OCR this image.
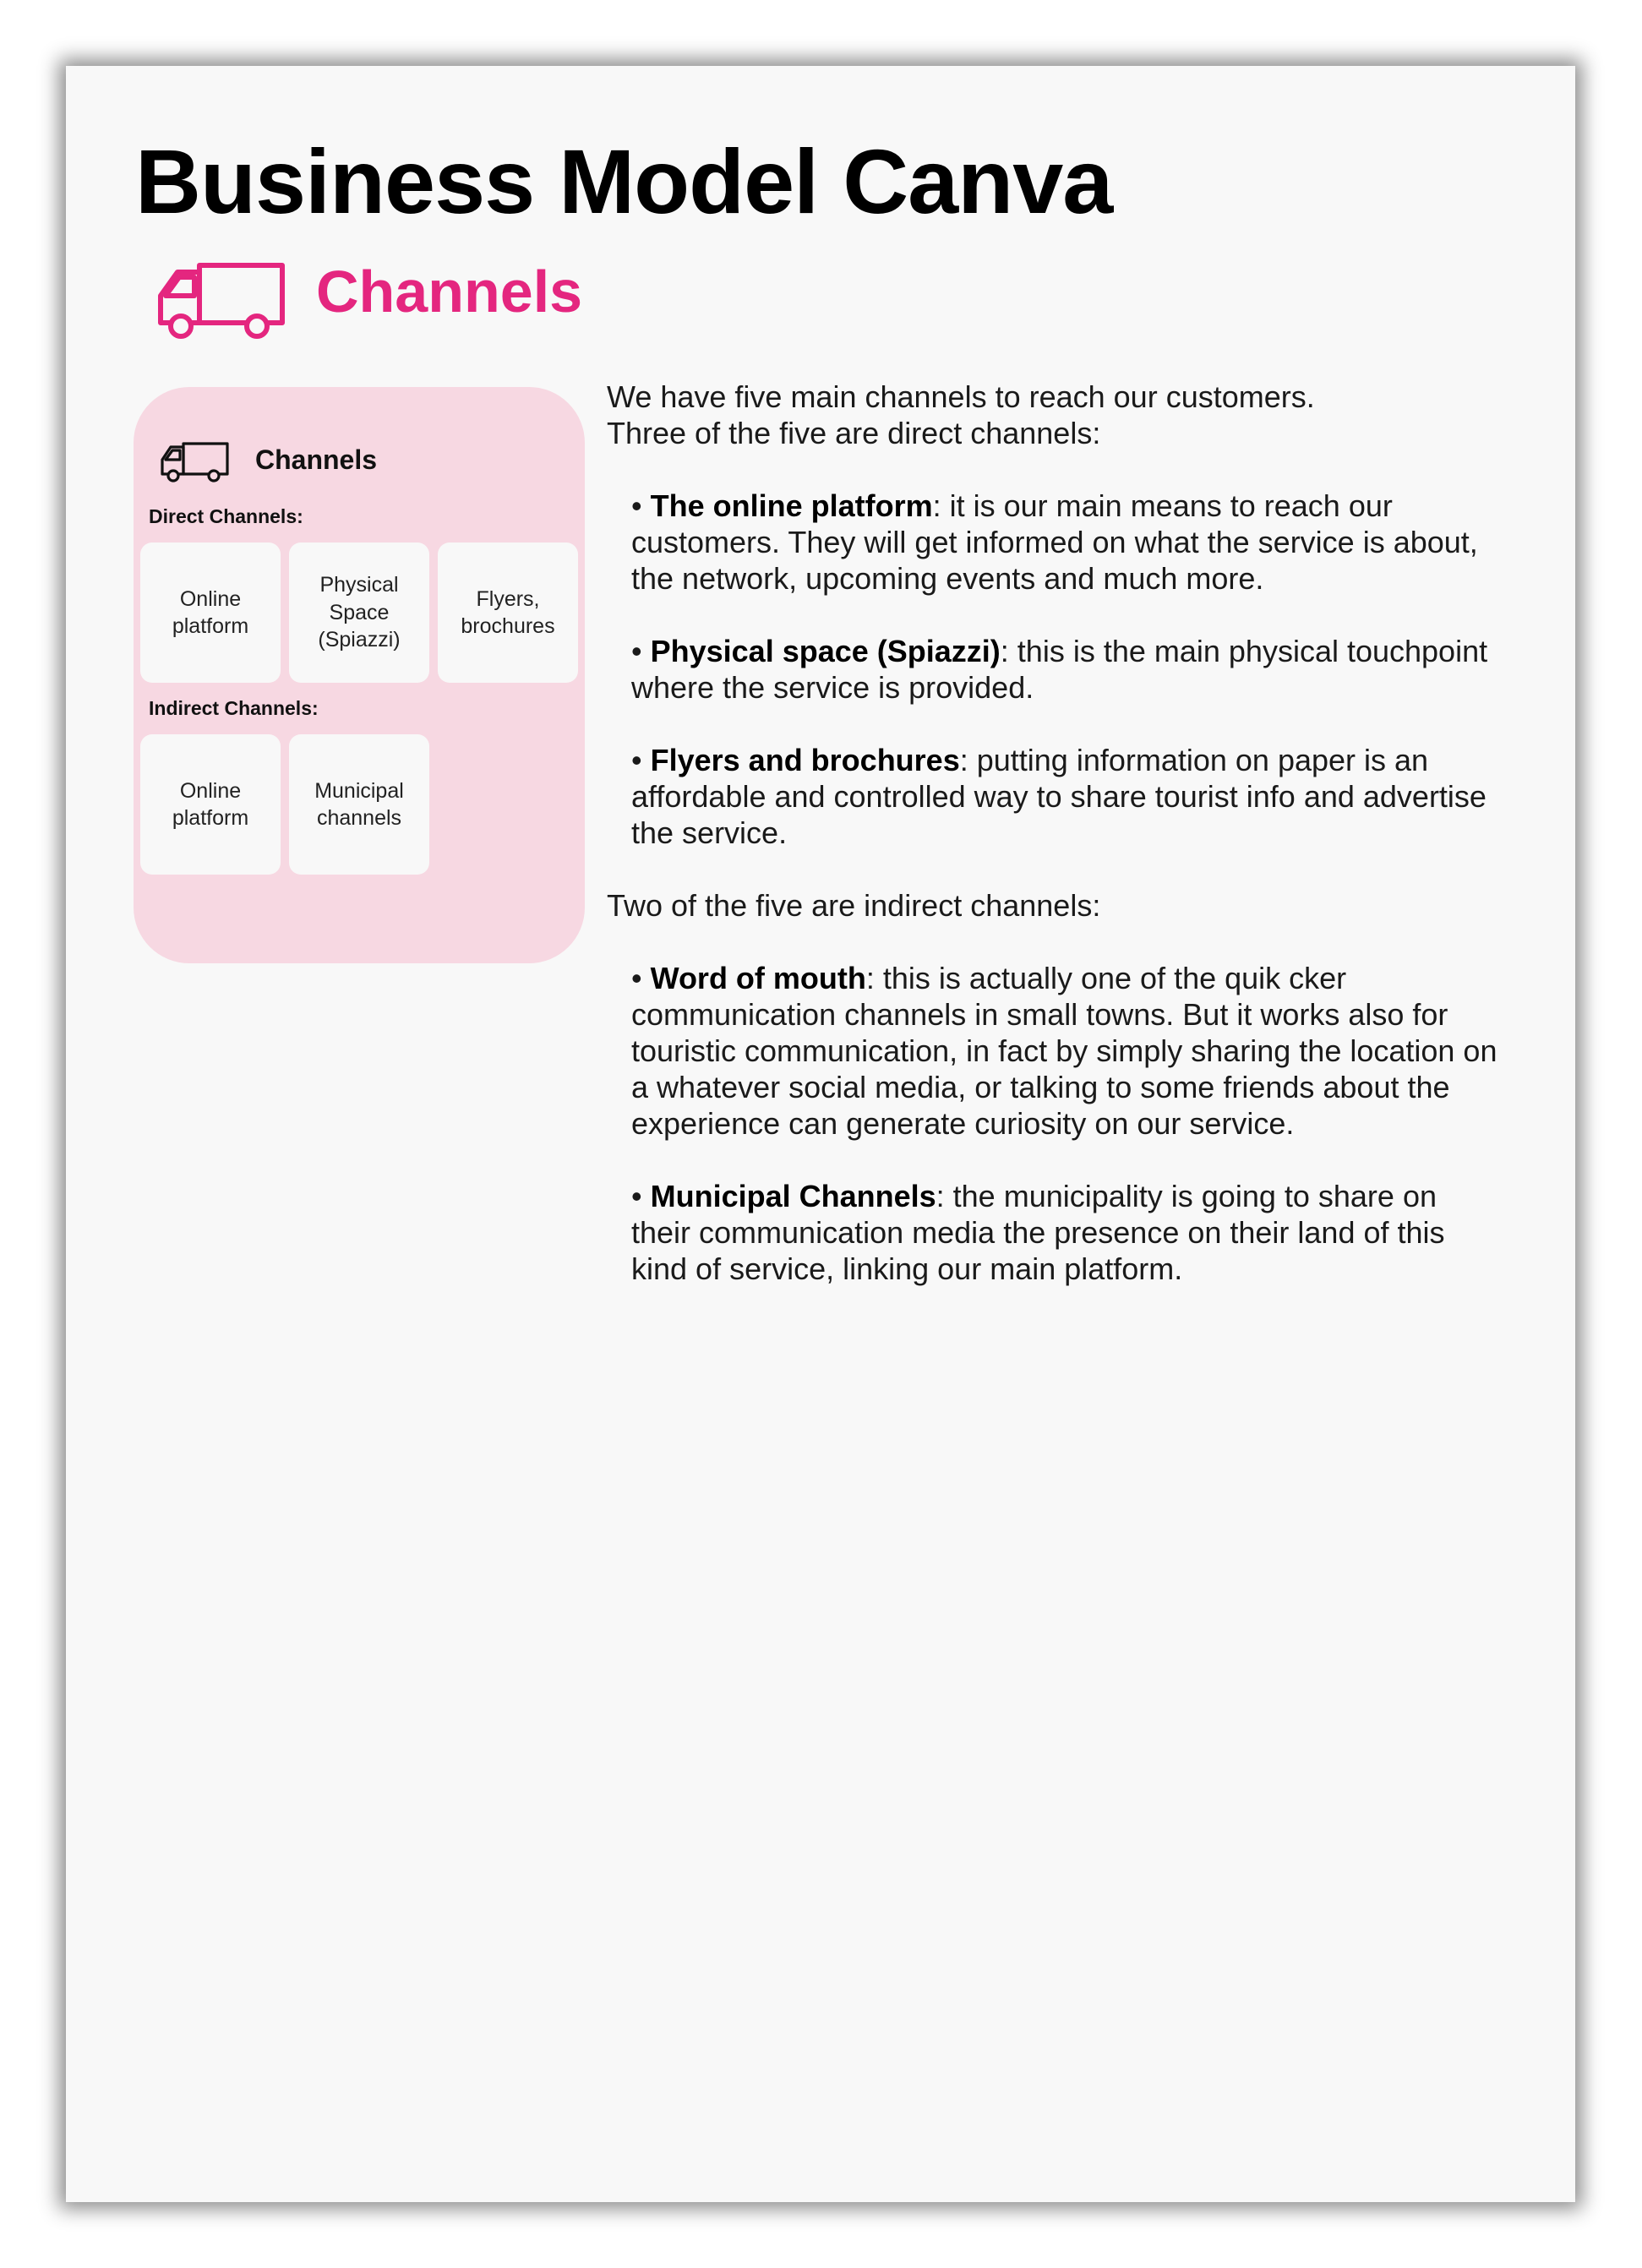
Business Model Canva
Channels
Channels

Direct Channels:

Online platform
Physical Space (Spiazzi)
Flyers, brochures

Indirect Channels:

Online platform
Municipal channels

We have five main channels to reach our customers.

Three of the five are direct channels:

• The online platform: it is our main means to reach our customers. They will get informed on what the service is about, the network, upcoming events and much more.

• Physical space (Spiazzi): this is the main physical touchpoint where the service is provided.

• Flyers and brochures: putting information on paper is an affordable and controlled way to share tourist info and advertise the service.

Two of the five are indirect channels:

• Word of mouth: this is actually one of the quik cker communication channels in small towns. But it works also for touristic communication, in fact by simply sharing the location on a whatever social media, or talking to some friends about the experience can generate curiosity on our service.

• Municipal Channels: the municipality is going to share on their communication media the presence on their land of this kind of service, linking our main platform.
